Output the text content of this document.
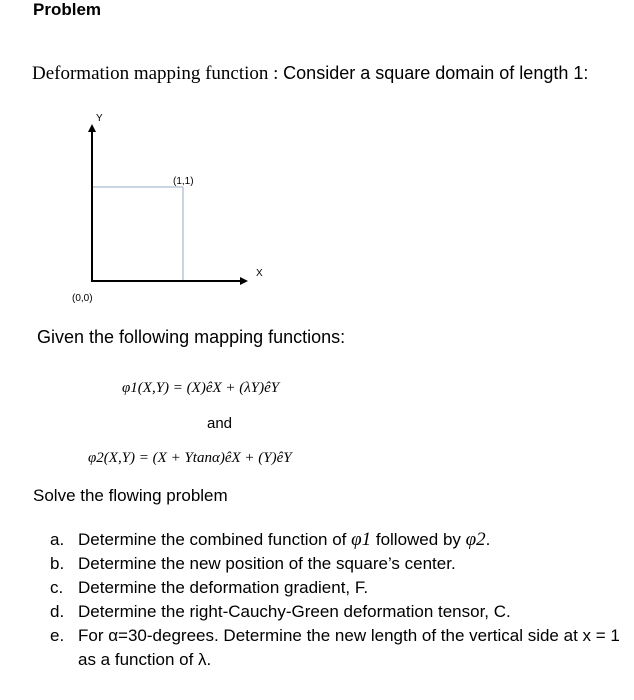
Problem
Deformation mapping function : Consider a square domain of length 1:
Y
X
(1,1)
(0,0)
Given the following mapping functions:
φ1(X,Y) = (X)êX + (λY)êY
and
φ2(X,Y) = (X + Ytanα)êX + (Y)êY
Solve the flowing problem
a. Determine the combined function of φ1 followed by φ2.
b. Determine the new position of the square’s center.
c. Determine the deformation gradient, F.
d. Determine the right-Cauchy-Green deformation tensor, C.
e. For α=30-degrees. Determine the new length of the vertical side at x = 1 as a function of λ.
